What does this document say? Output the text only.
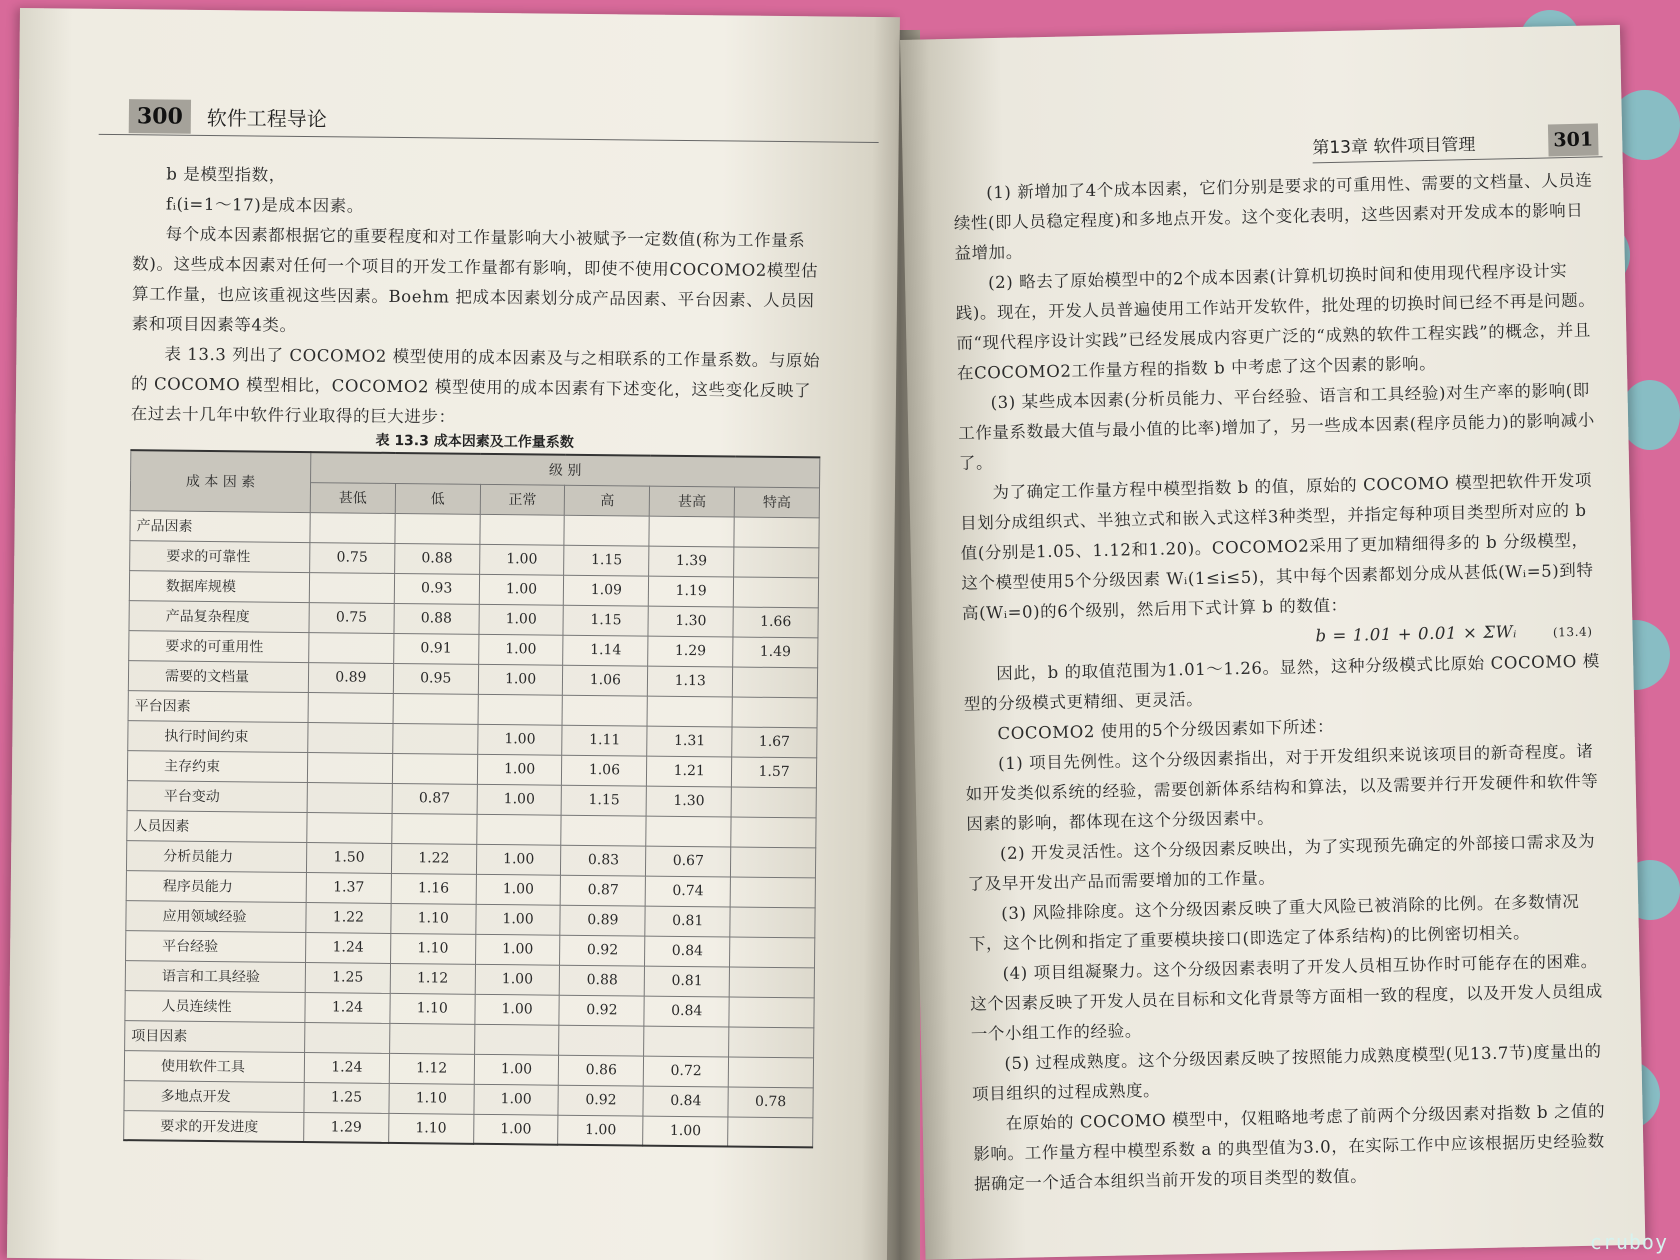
300	软件工程导论

b 是模型指数，

fᵢ(i=1～17)是成本因素。

每个成本因素都根据它的重要程度和对工作量影响大小被赋予一定数值(称为工作量系数)。这些成本因素对任何一个项目的开发工作量都有影响，即使不使用COCOMO2模型估算工作量，也应该重视这些因素。Boehm 把成本因素划分成产品因素、平台因素、人员因素和项目因素等4类。

表 13.3 列出了 COCOMO2 模型使用的成本因素及与之相联系的工作量系数。与原始的 COCOMO 模型相比，COCOMO2 模型使用的成本因素有下述变化，这些变化反映了在过去十几年中软件行业取得的巨大进步：

表 13.3 成本因素及工作量系数
成 本 因 素	级 别					
	甚低	低	正常	高	甚高	特高
产品因素						
要求的可靠性	0.75	0.88	1.00	1.15	1.39	
数据库规模		0.93	1.00	1.09	1.19	
产品复杂程度	0.75	0.88	1.00	1.15	1.30	1.66
要求的可重用性		0.91	1.00	1.14	1.29	1.49
需要的文档量	0.89	0.95	1.00	1.06	1.13	
平台因素						
执行时间约束			1.00	1.11	1.31	1.67
主存约束			1.00	1.06	1.21	1.57
平台变动		0.87	1.00	1.15	1.30	
人员因素						
分析员能力	1.50	1.22	1.00	0.83	0.67	
程序员能力	1.37	1.16	1.00	0.87	0.74	
应用领域经验	1.22	1.10	1.00	0.89	0.81	
平台经验	1.24	1.10	1.00	0.92	0.84	
语言和工具经验	1.25	1.12	1.00	0.88	0.81	
人员连续性	1.24	1.10	1.00	0.92	0.84	
项目因素						
使用软件工具	1.24	1.12	1.00	0.86	0.72	
多地点开发	1.25	1.10	1.00	0.92	0.84	0.78
要求的开发进度	1.29	1.10	1.00	1.00	1.00	
第13章 软件项目管理	301

(1) 新增加了4个成本因素，它们分别是要求的可重用性、需要的文档量、人员连续性(即人员稳定程度)和多地点开发。这个变化表明，这些因素对开发成本的影响日益增加。

(2) 略去了原始模型中的2个成本因素(计算机切换时间和使用现代程序设计实践)。现在，开发人员普遍使用工作站开发软件，批处理的切换时间已经不再是问题。而“现代程序设计实践”已经发展成内容更广泛的“成熟的软件工程实践”的概念，并且在COCOMO2工作量方程的指数 b 中考虑了这个因素的影响。

(3) 某些成本因素(分析员能力、平台经验、语言和工具经验)对生产率的影响(即工作量系数最大值与最小值的比率)增加了，另一些成本因素(程序员能力)的影响减小了。

为了确定工作量方程中模型指数 b 的值，原始的 COCOMO 模型把软件开发项目划分成组织式、半独立式和嵌入式这样3种类型，并指定每种项目类型所对应的 b 值(分别是1.05、1.12和1.20)。COCOMO2采用了更加精细得多的 b 分级模型，这个模型使用5个分级因素 Wᵢ(1≤i≤5)，其中每个因素都划分成从甚低(Wᵢ=5)到特高(Wᵢ=0)的6个级别，然后用下式计算 b 的数值：

b = 1.01 + 0.01 × ΣWᵢ	(13.4)

因此，b 的取值范围为1.01～1.26。显然，这种分级模式比原始 COCOMO 模型的分级模式更精细、更灵活。

COCOMO2 使用的5个分级因素如下所述：

(1) 项目先例性。这个分级因素指出，对于开发组织来说该项目的新奇程度。诸如开发类似系统的经验，需要创新体系结构和算法，以及需要并行开发硬件和软件等因素的影响，都体现在这个分级因素中。

(2) 开发灵活性。这个分级因素反映出，为了实现预先确定的外部接口需求及为了及早开发出产品而需要增加的工作量。

(3) 风险排除度。这个分级因素反映了重大风险已被消除的比例。在多数情况下，这个比例和指定了重要模块接口(即选定了体系结构)的比例密切相关。

(4) 项目组凝聚力。这个分级因素表明了开发人员相互协作时可能存在的困难。这个因素反映了开发人员在目标和文化背景等方面相一致的程度，以及开发人员组成一个小组工作的经验。

(5) 过程成熟度。这个分级因素反映了按照能力成熟度模型(见13.7节)度量出的项目组织的过程成熟度。

在原始的 COCOMO 模型中，仅粗略地考虑了前两个分级因素对指数 b 之值的影响。工作量方程中模型系数 a 的典型值为3.0，在实际工作中应该根据历史经验数据确定一个适合本组织当前开发的项目类型的数值。

cruboy
